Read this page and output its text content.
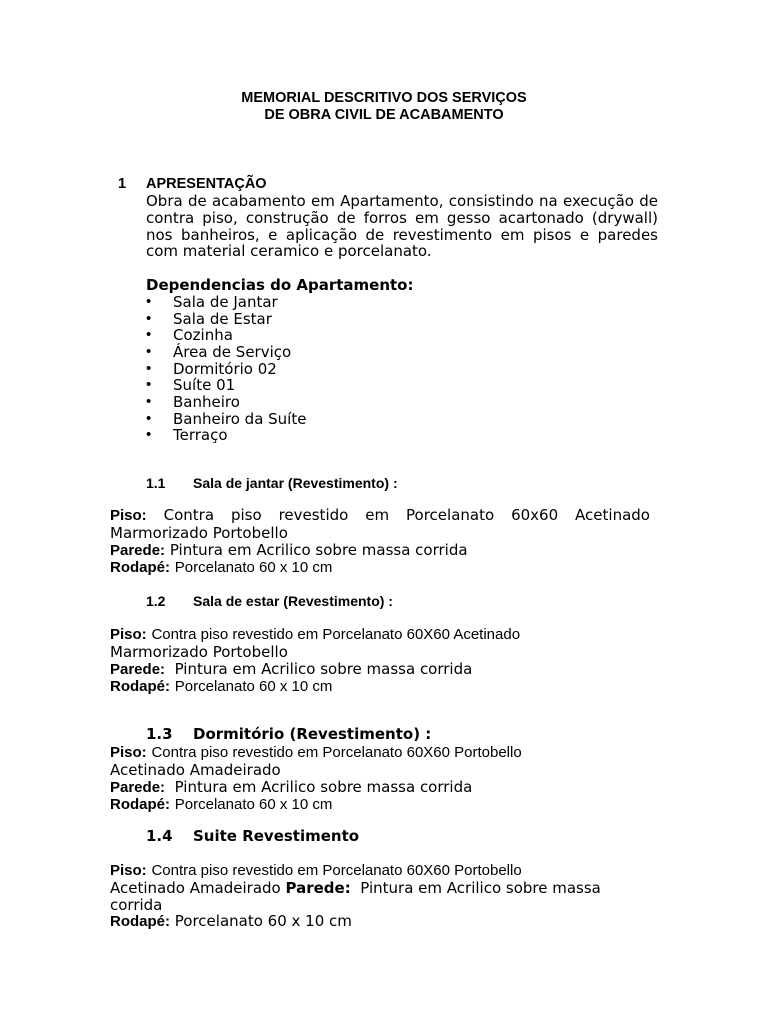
MEMORIAL DESCRITIVO DOS SERVIÇOS
DE OBRA CIVIL DE ACABAMENTO
1 APRESENTAÇÃO
Obra de acabamento em Apartamento, consistindo na execução de contra piso, construção de forros em gesso acartonado (drywall) nos banheiros, e aplicação de revestimento em pisos e paredes com material ceramico e porcelanato.
Dependencias do Apartamento:
• Sala de Jantar
• Sala de Estar
• Cozinha
• Área de Serviço
• Dormitório 02
• Suíte 01
• Banheiro
• Banheiro da Suíte
• Terraço
1.1 Sala de jantar (Revestimento) :
Piso: Contra piso revestido em Porcelanato 60x60 Acetinado
Marmorizado Portobello
Parede: Pintura em Acrilico sobre massa corrida
Rodapé: Porcelanato 60 x 10 cm
1.2 Sala de estar (Revestimento) :
Piso: Contra piso revestido em Porcelanato 60X60 Acetinado
Marmorizado Portobello
Parede: Pintura em Acrilico sobre massa corrida
Rodapé: Porcelanato 60 x 10 cm
1.3 Dormitório (Revestimento) :
Piso: Contra piso revestido em Porcelanato 60X60 Portobello
Acetinado Amadeirado
Parede: Pintura em Acrilico sobre massa corrida
Rodapé: Porcelanato 60 x 10 cm
1.4 Suite Revestimento
Piso: Contra piso revestido em Porcelanato 60X60 Portobello
Acetinado Amadeirado Parede: Pintura em Acrilico sobre massa
corrida
Rodapé: Porcelanato 60 x 10 cm
